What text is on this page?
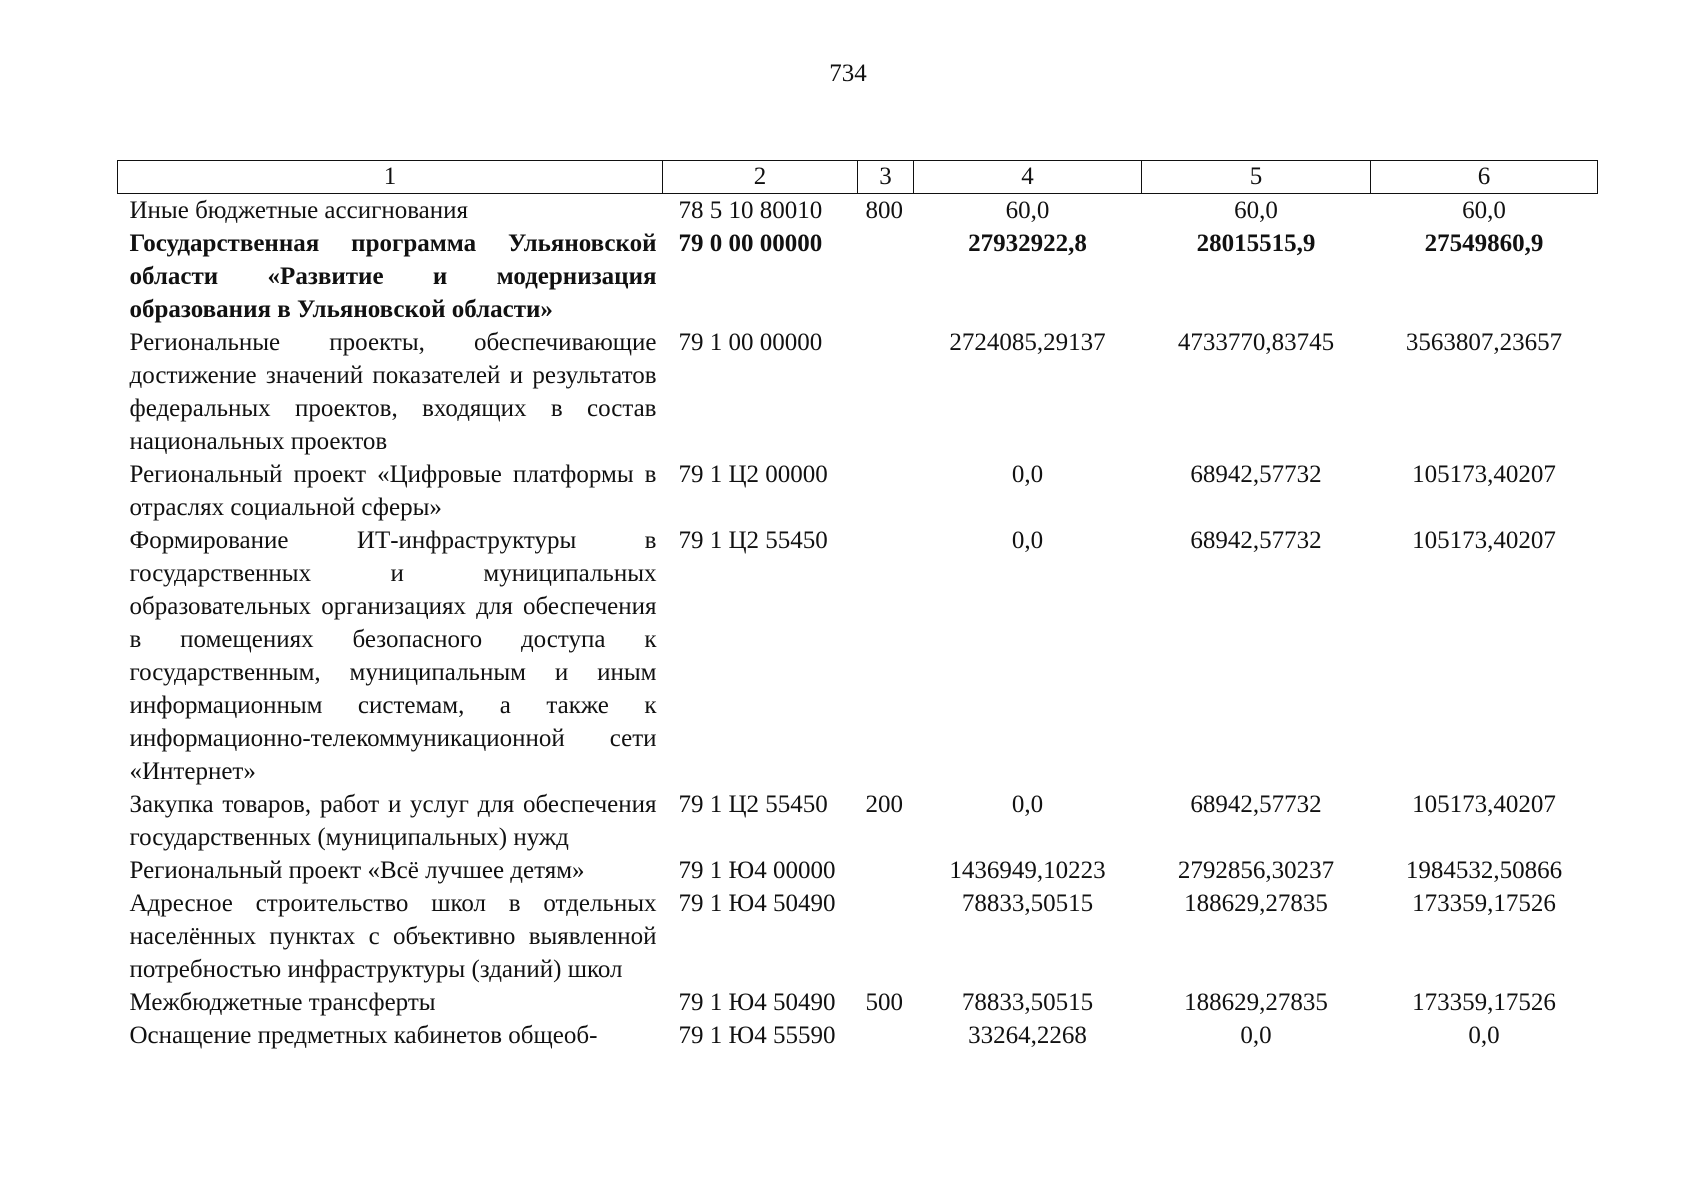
734
1	2	3	4	5	6
Иные бюджетные ассигнования	78 5 10 80010	800	60,0	60,0	60,0
Государственная программа Ульяновской области «Развитие и модернизация образования в Ульяновской области»	79 0 00 00000		27932922,8	28015515,9	27549860,9
Региональные проекты, обеспечивающие достижение значений показателей и результатов федеральных проектов, входящих в состав национальных проектов	79 1 00 00000		2724085,29137	4733770,83745	3563807,23657
Региональный проект «Цифровые платформы в отраслях социальной сферы»	79 1 Ц2 00000		0,0	68942,57732	105173,40207
Формирование ИТ-инфраструктуры в государственных и муниципальных образовательных организациях для обеспечения в помещениях безопасного доступа к государственным, муниципальным и иным информационным системам, а также к информационно-телекоммуникационной сети «Интернет»	79 1 Ц2 55450		0,0	68942,57732	105173,40207
Закупка товаров, работ и услуг для обеспечения государственных (муниципальных) нужд	79 1 Ц2 55450	200	0,0	68942,57732	105173,40207
Региональный проект «Всё лучшее детям»	79 1 Ю4 00000		1436949,10223	2792856,30237	1984532,50866
Адресное строительство школ в отдельных населённых пунктах с объективно выявленной потребностью инфраструктуры (зданий) школ	79 1 Ю4 50490		78833,50515	188629,27835	173359,17526
Межбюджетные трансферты	79 1 Ю4 50490	500	78833,50515	188629,27835	173359,17526
Оснащение предметных кабинетов общеоб-	79 1 Ю4 55590		33264,2268	0,0	0,0
